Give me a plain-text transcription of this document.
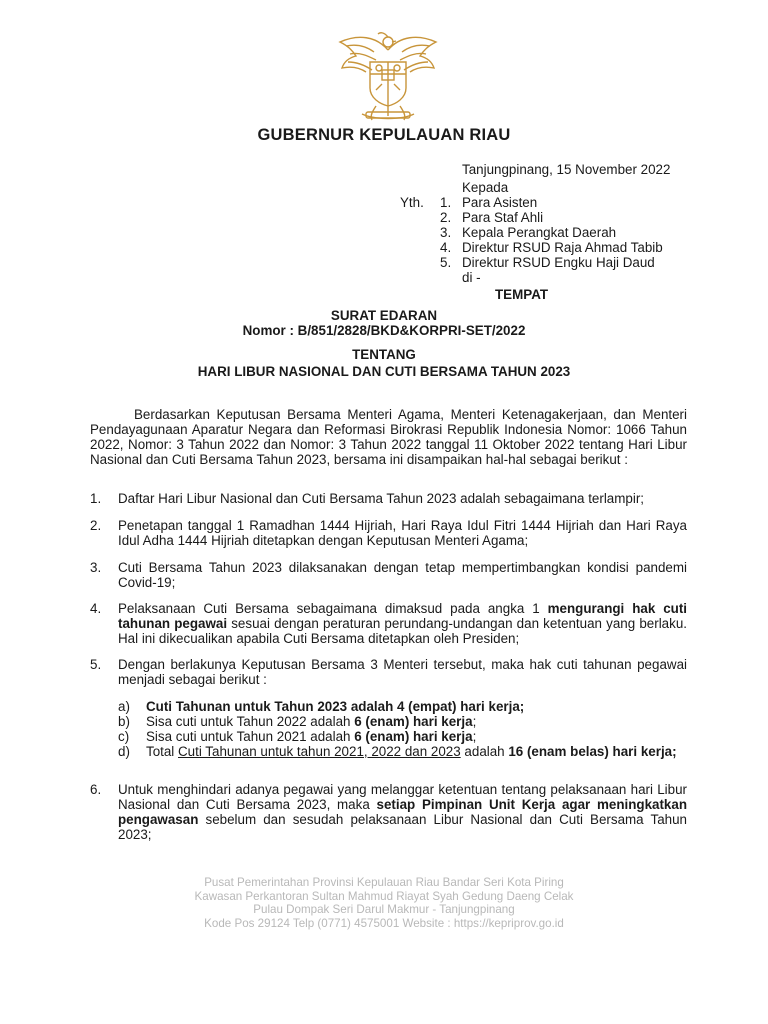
GUBERNUR KEPULAUAN RIAU
Tanjungpinang, 15 November 2022
Kepada
Yth.	1. Para Asisten
2. Para Staf Ahli
3. Kepala Perangkat Daerah
4. Direktur RSUD Raja Ahmad Tabib
5. Direktur RSUD Engku Haji Daud
di -
TEMPAT
SURAT EDARAN
Nomor : B/851/2828/BKD&KORPRI-SET/2022
TENTANG
HARI LIBUR NASIONAL DAN CUTI BERSAMA TAHUN 2023
Berdasarkan Keputusan Bersama Menteri Agama, Menteri Ketenagakerjaan, dan Menteri Pendayagunaan Aparatur Negara dan Reformasi Birokrasi Republik Indonesia Nomor: 1066 Tahun 2022, Nomor: 3 Tahun 2022 dan Nomor: 3 Tahun 2022 tanggal 11 Oktober 2022 tentang Hari Libur Nasional dan Cuti Bersama Tahun 2023, bersama ini disampaikan hal-hal sebagai berikut :
1.	Daftar Hari Libur Nasional dan Cuti Bersama Tahun 2023 adalah sebagaimana terlampir;
2.	Penetapan tanggal 1 Ramadhan 1444 Hijriah, Hari Raya Idul Fitri 1444 Hijriah dan Hari Raya Idul Adha 1444 Hijriah ditetapkan dengan Keputusan Menteri Agama;
3.	Cuti Bersama Tahun 2023 dilaksanakan dengan tetap mempertimbangkan kondisi pandemi Covid-19;
4.	Pelaksanaan Cuti Bersama sebagaimana dimaksud pada angka 1 mengurangi hak cuti tahunan pegawai sesuai dengan peraturan perundang-undangan dan ketentuan yang berlaku. Hal ini dikecualikan apabila Cuti Bersama ditetapkan oleh Presiden;
5.	Dengan berlakunya Keputusan Bersama 3 Menteri tersebut, maka hak cuti tahunan pegawai menjadi sebagai berikut :
a)	Cuti Tahunan untuk Tahun 2023 adalah 4 (empat) hari kerja;
b)	Sisa cuti untuk Tahun 2022 adalah 6 (enam) hari kerja;
c)	Sisa cuti untuk Tahun 2021 adalah 6 (enam) hari kerja;
d)	Total Cuti Tahunan untuk tahun 2021, 2022 dan 2023 adalah 16 (enam belas) hari kerja;
6.	Untuk menghindari adanya pegawai yang melanggar ketentuan tentang pelaksanaan hari Libur Nasional dan Cuti Bersama 2023, maka setiap Pimpinan Unit Kerja agar meningkatkan pengawasan sebelum dan sesudah pelaksanaan Libur Nasional dan Cuti Bersama Tahun 2023;
Pusat Pemerintahan Provinsi Kepulauan Riau Bandar Seri Kota Piring
Kawasan Perkantoran Sultan Mahmud Riayat Syah Gedung Daeng Celak
Pulau Dompak Seri Darul Makmur - Tanjungpinang
Kode Pos 29124 Telp (0771) 4575001 Website : https://kepriprov.go.id
